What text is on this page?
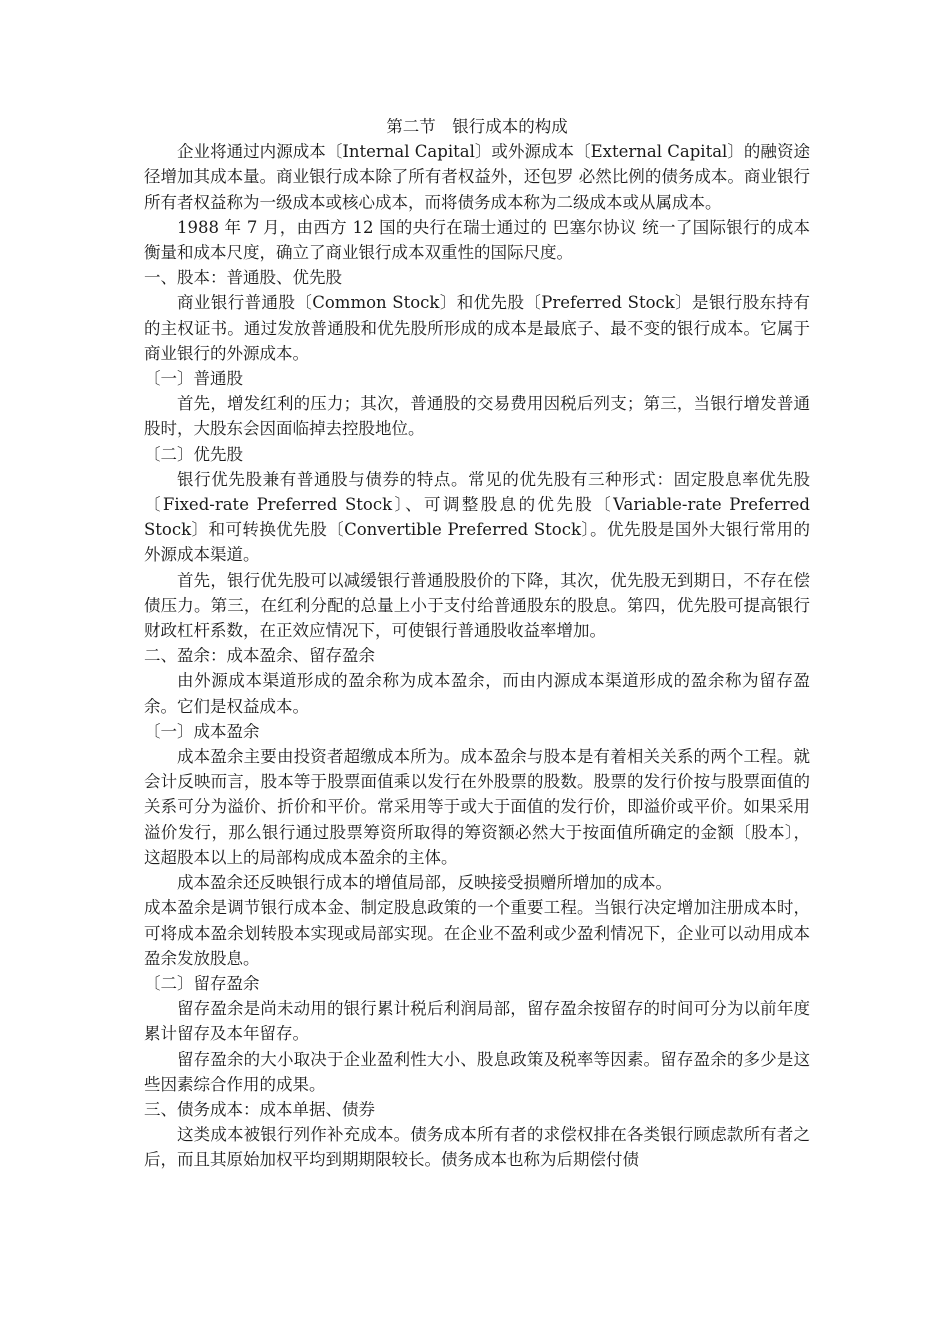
第二节　银行成本的构成

企业将通过内源成本〔Internal Capital〕或外源成本〔External Capital〕的融资途径增加其成本量。商业银行成本除了所有者权益外，还包罗 必然比例的债务成本。商业银行所有者权益称为一级成本或核心成本，而将债务成本称为二级成本或从属成本。

1988 年 7 月，由西方 12 国的央行在瑞士通过的 巴塞尔协议 统一了国际银行的成本衡量和成本尺度，确立了商业银行成本双重性的国际尺度。

一、股本：普通股、优先股

商业银行普通股〔Common Stock〕和优先股〔Preferred Stock〕是银行股东持有的主权证书。通过发放普通股和优先股所形成的成本是最底子、最不变的银行成本。它属于商业银行的外源成本。

〔一〕普通股

首先，增发红利的压力；其次，普通股的交易费用因税后列支；第三，当银行增发普通股时，大股东会因面临掉去控股地位。

〔二〕优先股

银行优先股兼有普通股与债券的特点。常见的优先股有三种形式：固定股息率优先股〔Fixed-rate Preferred Stock〕、可调整股息的优先股〔Variable-rate Preferred Stock〕和可转换优先股〔Convertible Preferred Stock〕。优先股是国外大银行常用的外源成本渠道。

首先，银行优先股可以减缓银行普通股股价的下降，其次，优先股无到期日，不存在偿债压力。第三，在红利分配的总量上小于支付给普通股东的股息。第四，优先股可提高银行财政杠杆系数，在正效应情况下，可使银行普通股收益率增加。

二、盈余：成本盈余、留存盈余

由外源成本渠道形成的盈余称为成本盈余，而由内源成本渠道形成的盈余称为留存盈余。它们是权益成本。

〔一〕成本盈余

成本盈余主要由投资者超缴成本所为。成本盈余与股本是有着相关关系的两个工程。就会计反映而言，股本等于股票面值乘以发行在外股票的股数。股票的发行价按与股票面值的关系可分为溢价、折价和平价。常采用等于或大于面值的发行价，即溢价或平价。如果采用溢价发行，那么银行通过股票筹资所取得的筹资额必然大于按面值所确定的金额〔股本〕，这超股本以上的局部构成成本盈余的主体。

成本盈余还反映银行成本的增值局部，反映接受损赠所增加的成本。

成本盈余是调节银行成本金、制定股息政策的一个重要工程。当银行决定增加注册成本时，可将成本盈余划转股本实现或局部实现。在企业不盈利或少盈利情况下，企业可以动用成本盈余发放股息。

〔二〕留存盈余

留存盈余是尚未动用的银行累计税后利润局部，留存盈余按留存的时间可分为以前年度累计留存及本年留存。

留存盈余的大小取决于企业盈利性大小、股息政策及税率等因素。留存盈余的多少是这些因素综合作用的成果。

三、债务成本：成本单据、债券

这类成本被银行列作补充成本。债务成本所有者的求偿权排在各类银行顾虑款所有者之后，而且其原始加权平均到期期限较长。债务成本也称为后期偿付债
